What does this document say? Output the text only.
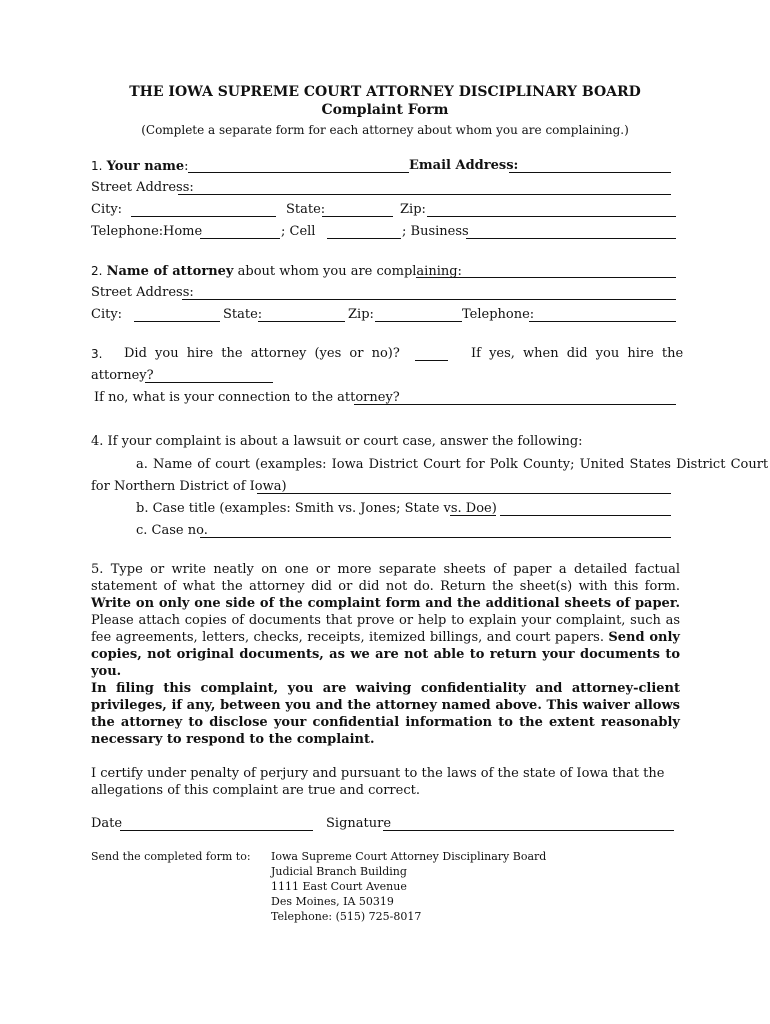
THE IOWA SUPREME COURT ATTORNEY DISCIPLINARY BOARD
Complaint Form
(Complete a separate form for each attorney about whom you are complaining.)
1. Your name:	Email Address:
Street Address:
City:	State:	Zip:
Telephone: Home	; Cell	; Business
2. Name of attorney about whom you are complaining:
Street Address:
City:	State:	Zip:	Telephone:
3. Did you hire the attorney (yes or no)?	If yes, when did you hire the
attorney?
If no, what is your connection to the attorney?
4. If your complaint is about a lawsuit or court case, answer the following:
a. Name of court (examples: Iowa District Court for Polk County; United States District Court
for Northern District of Iowa)
b. Case title (examples: Smith vs. Jones; State vs. Doe)
c. Case no.
5. Type or write neatly on one or more separate sheets of paper a detailed factual statement of what the attorney did or did not do. Return the sheet(s) with this form. Write on only one side of the complaint form and the additional sheets of paper. Please attach copies of documents that prove or help to explain your complaint, such as fee agreements, letters, checks, receipts, itemized billings, and court papers. Send only copies, not original documents, as we are not able to return your documents to you.
In filing this complaint, you are waiving confidentiality and attorney-client privileges, if any, between you and the attorney named above. This waiver allows the attorney to disclose your confidential information to the extent reasonably necessary to respond to the complaint.
I certify under penalty of perjury and pursuant to the laws of the state of Iowa that the allegations of this complaint are true and correct.
Date	Signature
Send the completed form to: Iowa Supreme Court Attorney Disciplinary Board
Judicial Branch Building
1111 East Court Avenue
Des Moines, IA 50319
Telephone: (515) 725-8017
